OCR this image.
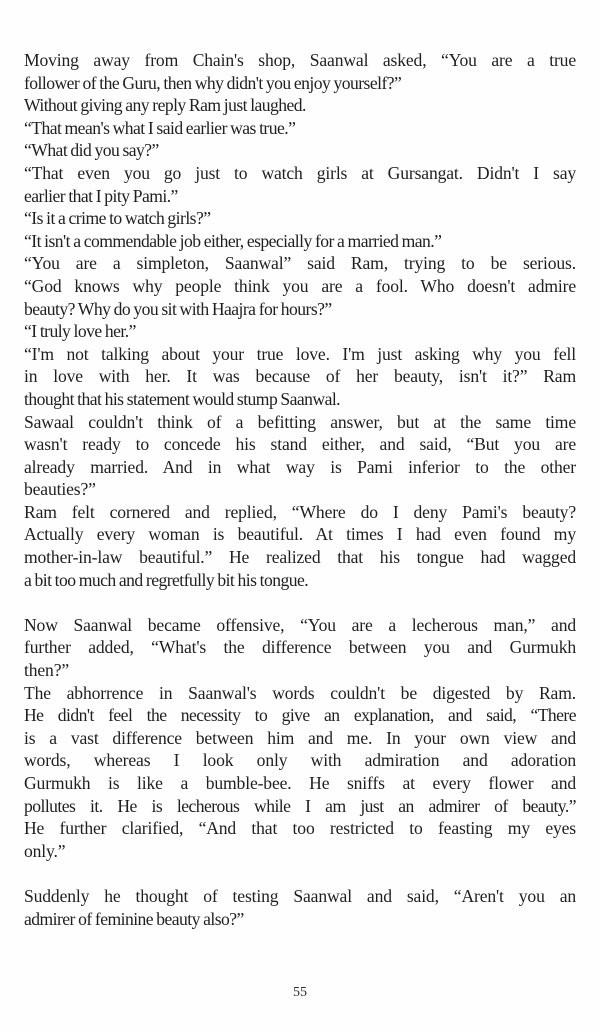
Moving away from Chain's shop, Saanwal asked, “You are a true
follower of the Guru, then why didn't you enjoy yourself?”
Without giving any reply Ram just laughed.
“That mean's what I said earlier was true.”
“What did you say?”
“That even you go just to watch girls at Gursangat. Didn't I say
earlier that I pity Pami.”
“Is it a crime to watch girls?”
“It isn't a commendable job either, especially for a married man.”
“You are a simpleton, Saanwal” said Ram, trying to be serious.
“God knows why people think you are a fool. Who doesn't admire
beauty? Why do you sit with Haajra for hours?”
“I truly love her.”
“I'm not talking about your true love. I'm just asking why you fell
in love with her. It was because of her beauty, isn't it?” Ram
thought that his statement would stump Saanwal.
Sawaal couldn't think of a befitting answer, but at the same time
wasn't ready to concede his stand either, and said, “But you are
already married. And in what way is Pami inferior to the other
beauties?”
Ram felt cornered and replied, “Where do I deny Pami's beauty?
Actually every woman is beautiful. At times I had even found my
mother-in-law beautiful.” He realized that his tongue had wagged
a bit too much and regretfully bit his tongue.
Now Saanwal became offensive, “You are a lecherous man,” and
further added, “What's the difference between you and Gurmukh
then?”
The abhorrence in Saanwal's words couldn't be digested by Ram.
He didn't feel the necessity to give an explanation, and said, “There
is a vast difference between him and me. In your own view and
words, whereas I look only with admiration and adoration
Gurmukh is like a bumble-bee. He sniffs at every flower and
pollutes it. He is lecherous while I am just an admirer of beauty.”
He further clarified, “And that too restricted to feasting my eyes
only.”
Suddenly he thought of testing Saanwal and said, “Aren't you an
admirer of feminine beauty also?”
55
